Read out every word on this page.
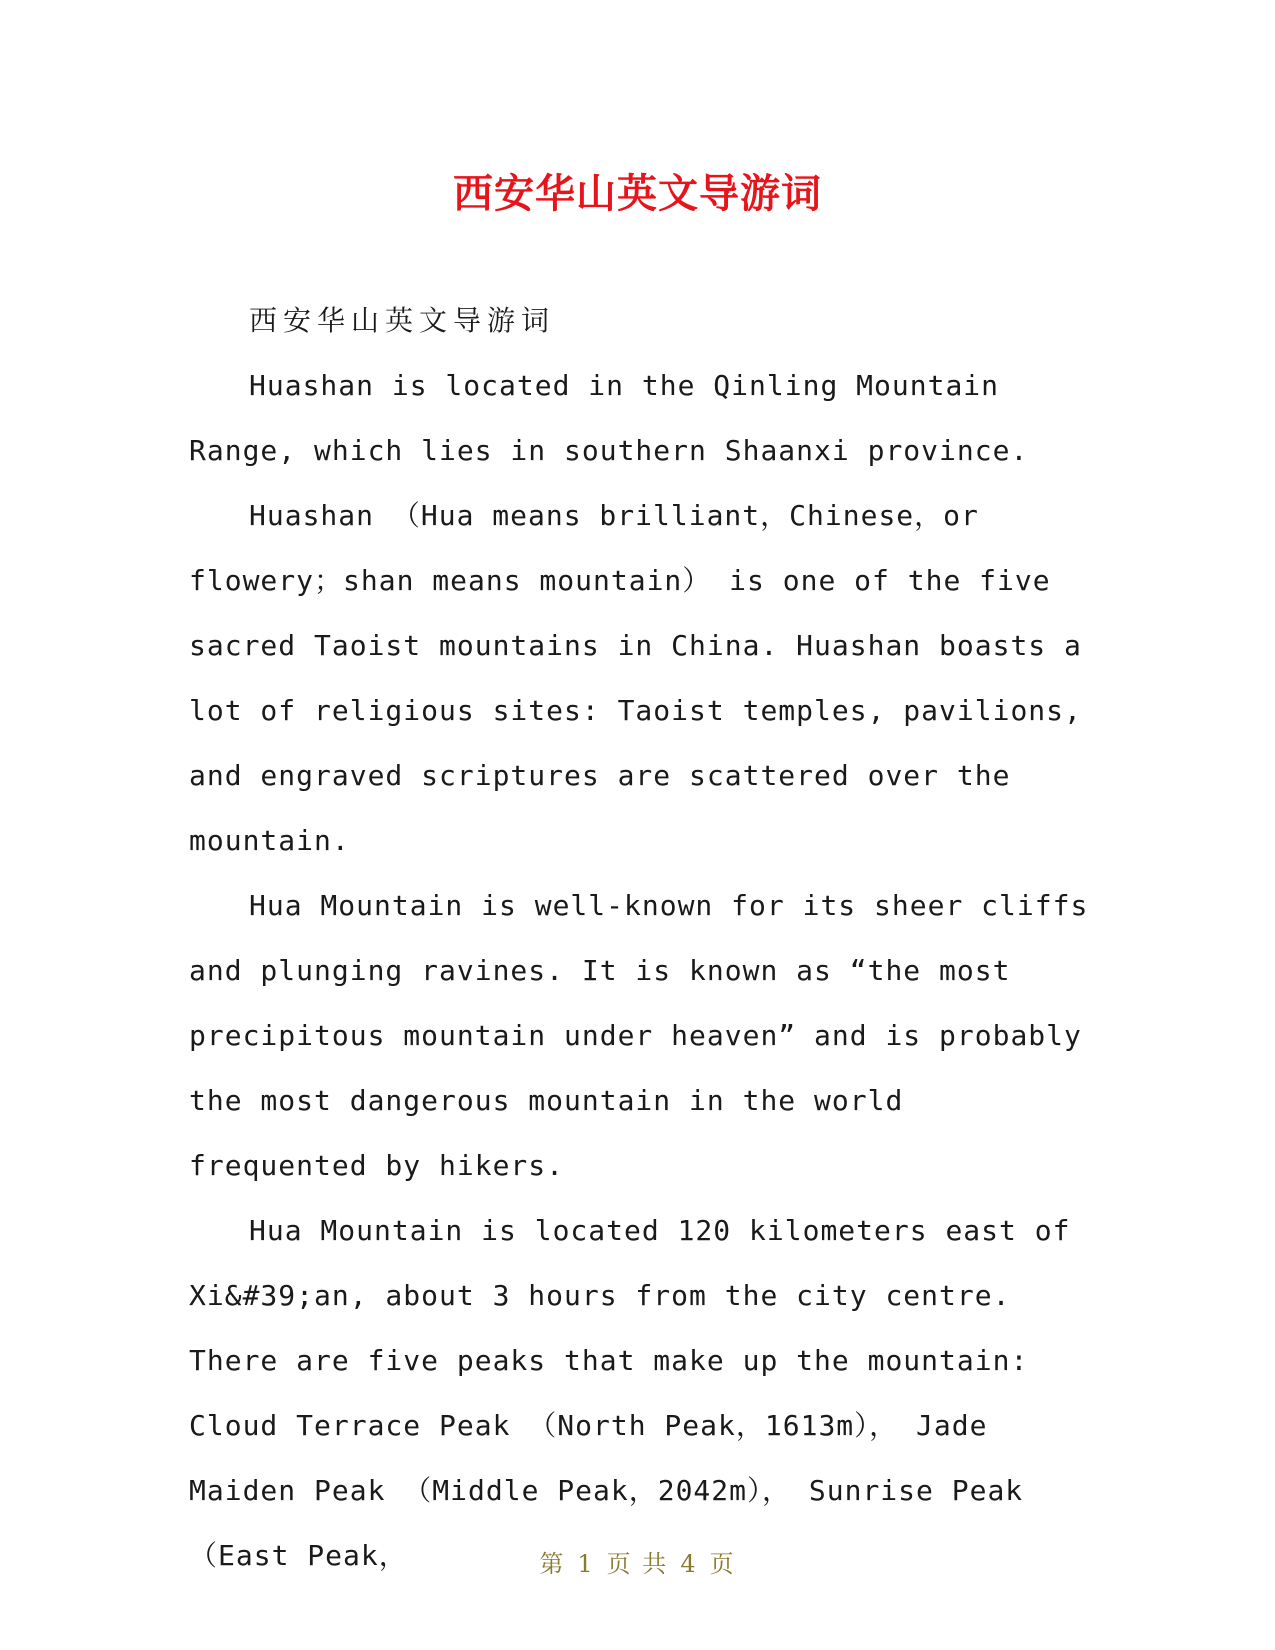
西安华山英文导游词

西安华山英文导游词

Huashan is located in the Qinling Mountain Range, which lies in southern Shaanxi province.

Huashan （Hua means brilliant，Chinese，or flowery；shan means mountain） is one of the five sacred Taoist mountains in China. Huashan boasts a lot of religious sites: Taoist temples, pavilions, and engraved scriptures are scattered over the mountain.

Hua Mountain is well-known for its sheer cliffs and plunging ravines. It is known as “the most precipitous mountain under heaven” and is probably the most dangerous mountain in the world frequented by hikers.

Hua Mountain is located 120 kilometers east of Xi&#39;an, about 3 hours from the city centre. There are five peaks that make up the mountain: Cloud Terrace Peak （North Peak，1613m）， Jade Maiden Peak （Middle Peak，2042m）， Sunrise Peak （East Peak，	第 1 页 共 4 页
